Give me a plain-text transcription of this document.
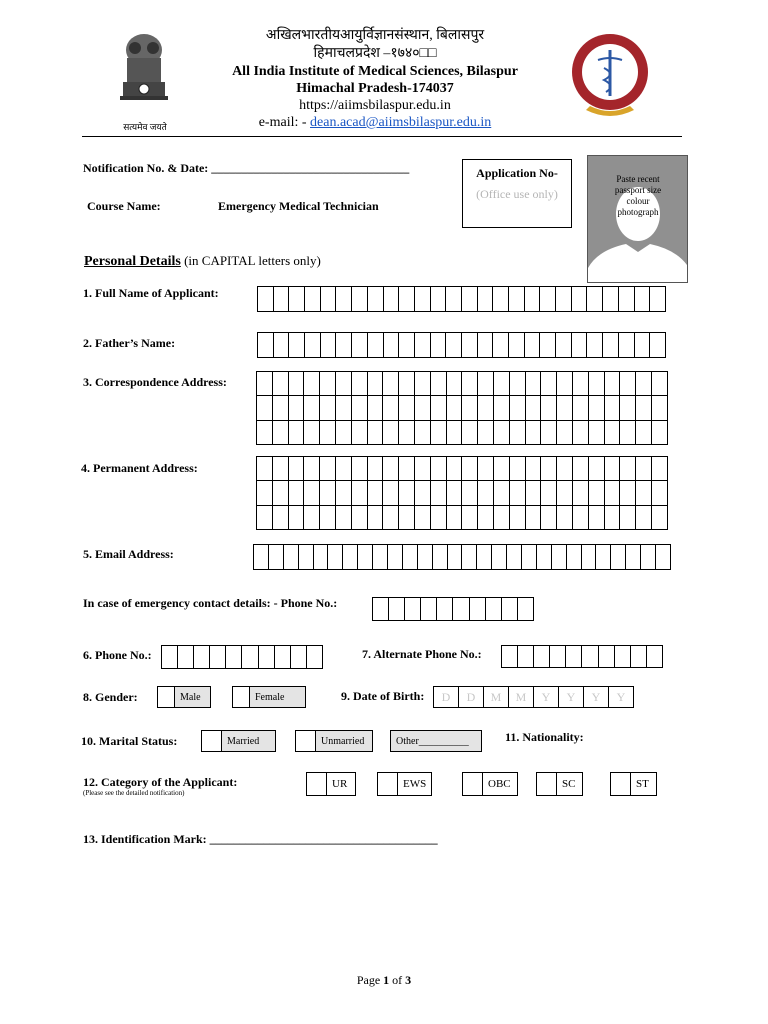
सत्यमेव जयते
अखिलभारतीयआयुर्विज्ञानसंस्थान, बिलासपुर
हिमाचलप्रदेश –१७४०□□
All India Institute of Medical Sciences, Bilaspur
Himachal Pradesh-174037
https://aiimsbilaspur.edu.in
e-mail: - dean.acad@aiimsbilaspur.edu.in
Notification No. & Date: _________________________________
Course Name:	Emergency Medical Technician
Application No-
(Office use only)
Paste recent passport size colour photograph
Personal Details (in CAPITAL letters only)
1. Full Name of Applicant:
2. Father’s Name:
3. Correspondence Address:
4. Permanent Address:
5. Email Address:
In case of emergency contact details: - Phone No.:
6. Phone No.:	7. Alternate Phone No.:
8. Gender:	Male	Female	9. Date of Birth:	D	D	M	M	Y	Y	Y	Y
10. Marital Status:	Married	Unmarried	Other__________	11. Nationality:
12. Category of the Applicant:
(Please see the detailed notification)
UR	EWS	OBC	SC	ST
13. Identification Mark: ______________________________________
Page 1 of 3
